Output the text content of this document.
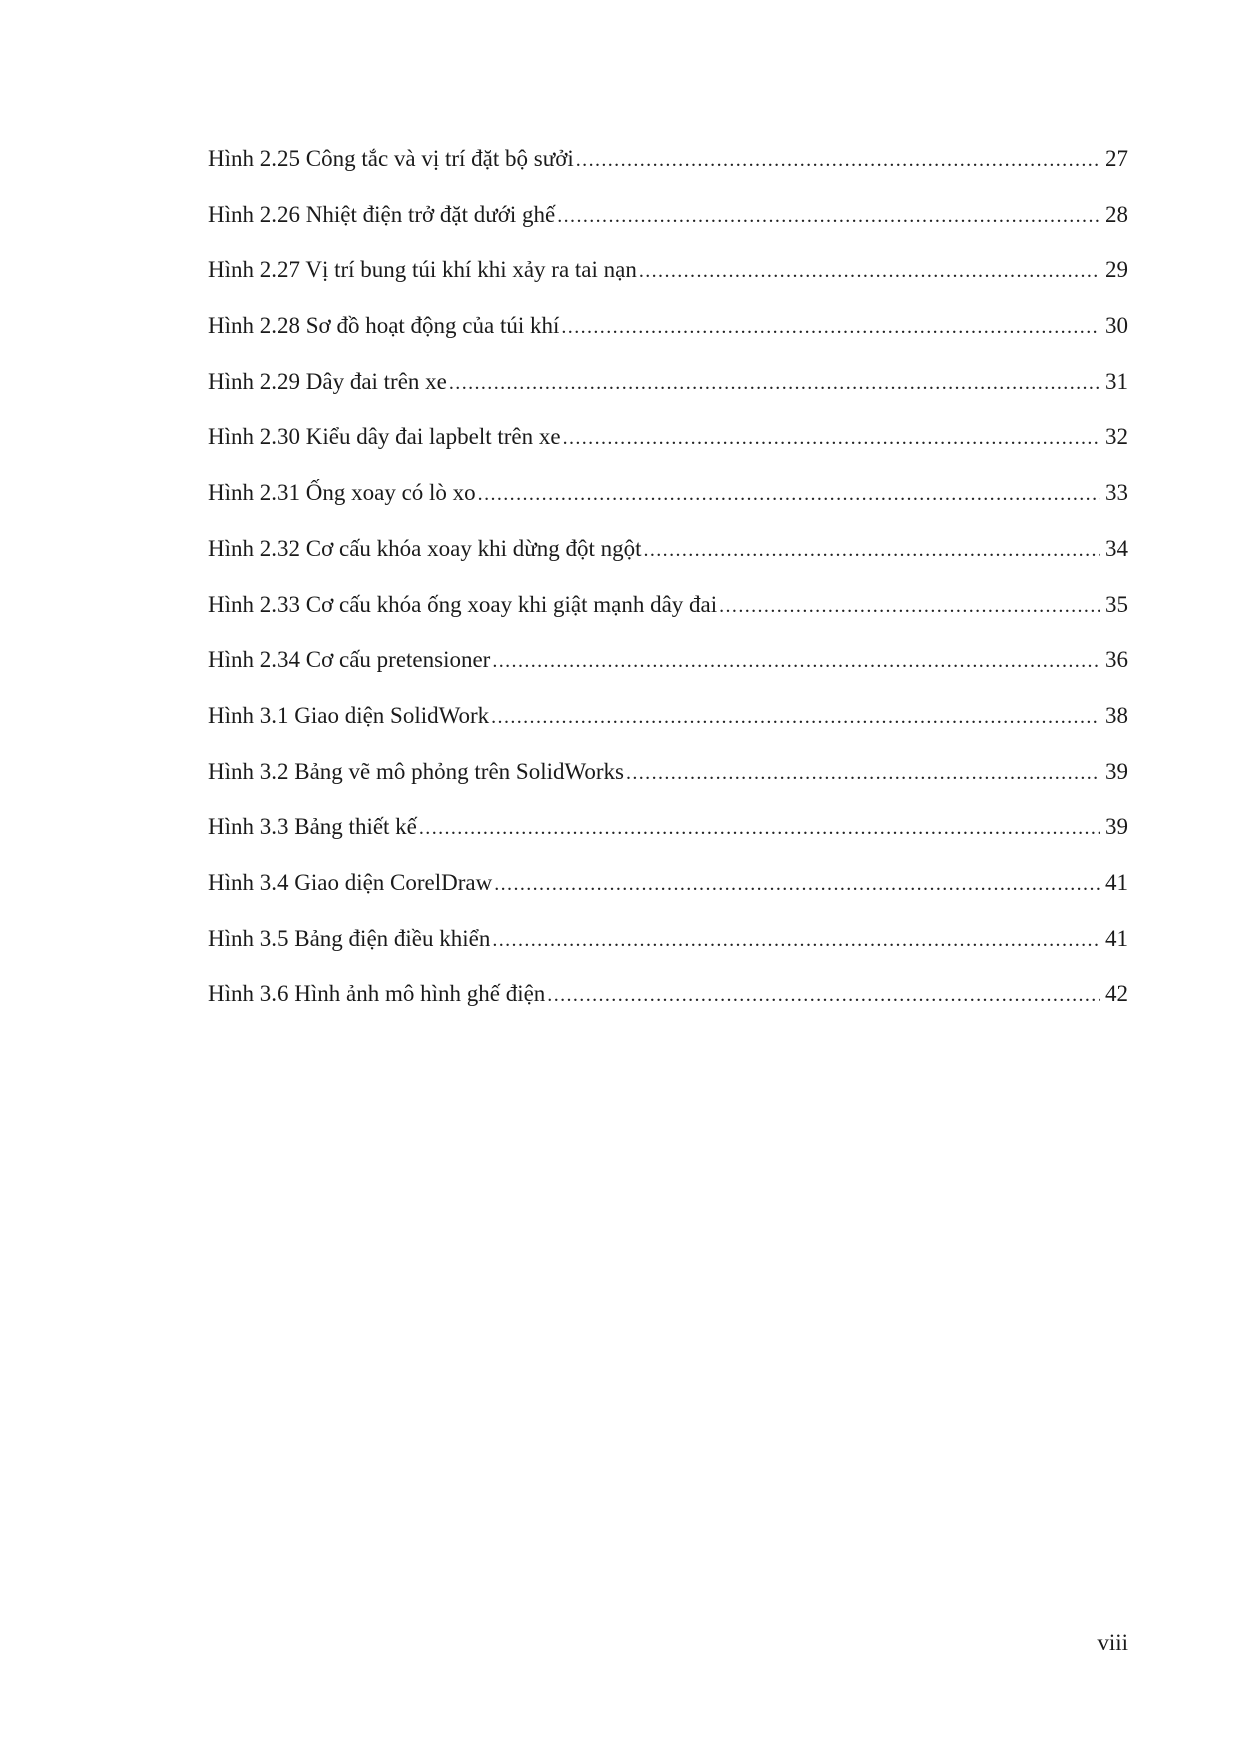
Hình 2.25 Công tắc và vị trí đặt bộ sưởi .....	27
Hình 2.26 Nhiệt điện trở đặt dưới ghế .....	28
Hình 2.27 Vị trí bung túi khí khi xảy ra tai nạn .....	29
Hình 2.28 Sơ đồ hoạt động của túi khí .....	30
Hình 2.29 Dây đai trên xe .....	31
Hình 2.30 Kiểu dây đai lapbelt trên xe .....	32
Hình 2.31 Ống xoay có lò xo .....	33
Hình 2.32 Cơ cấu khóa xoay khi dừng đột ngột .....	34
Hình 2.33 Cơ cấu khóa ống xoay khi giật mạnh dây đai .....	35
Hình 2.34 Cơ cấu pretensioner .....	36
Hình 3.1 Giao diện SolidWork .....	38
Hình 3.2 Bảng vẽ mô phỏng trên SolidWorks .....	39
Hình 3.3 Bảng thiết kế .....	39
Hình 3.4 Giao diện CorelDraw .....	41
Hình 3.5 Bảng điện điều khiển .....	41
Hình 3.6 Hình ảnh mô hình ghế điện .....	42
viii
